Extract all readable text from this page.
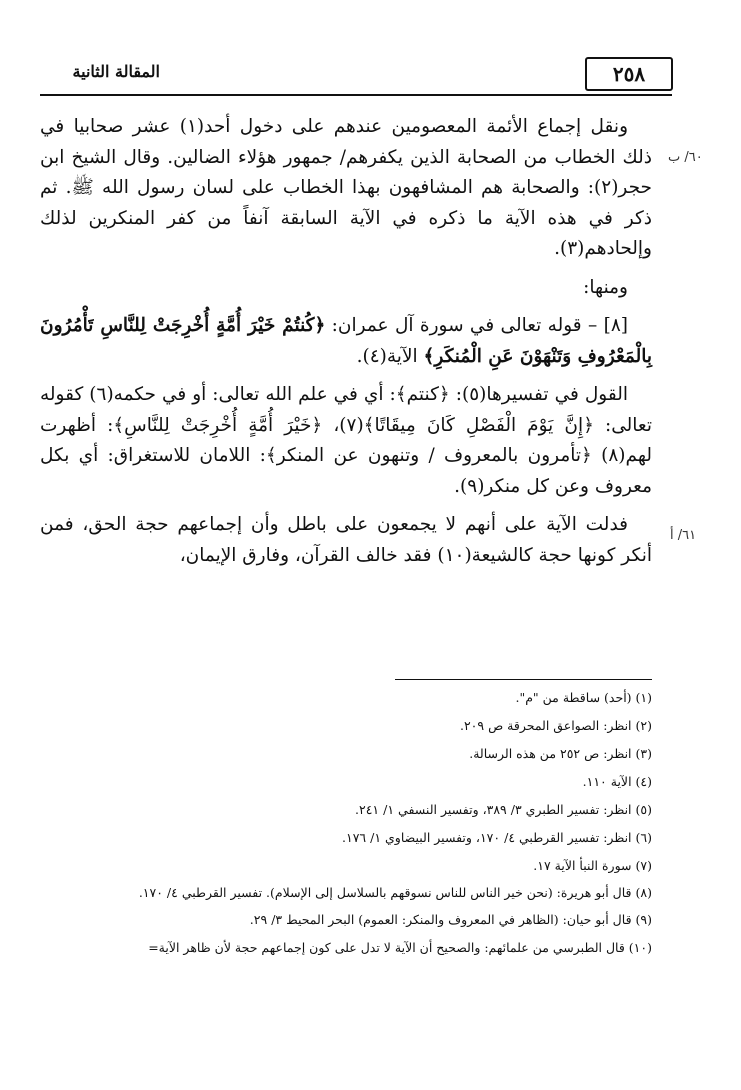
٢٥٨
المقالة الثانية
٦٠/ ب
٦١/ أ

ونقل إجماع الأئمة المعصومين عندهم على دخول أحد(١) عشر صحابيا في ذلك الخطاب من الصحابة الذين يكفرهم/ جمهور هؤلاء الضالين. وقال الشيخ ابن حجر(٢): والصحابة هم المشافهون بهذا الخطاب على لسان رسول الله ﷺ. ثم ذكر في هذه الآية ما ذكره في الآية السابقة آنفاً من كفر المنكرين لذلك وإلحادهم(٣).

ومنها:

[٨] – قوله تعالى في سورة آل عمران: ﴿كُنتُمْ خَيْرَ أُمَّةٍ أُخْرِجَتْ لِلنَّاسِ تَأْمُرُونَ بِالْمَعْرُوفِ وَتَنْهَوْنَ عَنِ الْمُنكَرِ﴾ الآية(٤).

القول في تفسيرها(٥): ﴿كنتم﴾: أي في علم الله تعالى: أو في حكمه(٦) كقوله تعالى: ﴿إِنَّ يَوْمَ الْفَصْلِ كَانَ مِيقَاتًا﴾(٧)، ﴿خَيْرَ أُمَّةٍ أُخْرِجَتْ لِلنَّاسِ﴾: أظهرت لهم(٨) ﴿تأمرون بالمعروف / وتنهون عن المنكر﴾: اللامان للاستغراق: أي بكل معروف وعن كل منكر(٩).

فدلت الآية على أنهم لا يجمعون على باطل وأن إجماعهم حجة الحق، فمن أنكر كونها حجة كالشيعة(١٠) فقد خالف القرآن، وفارق الإيمان،

(١) (أحد) ساقطة من "م".
(٢) انظر: الصواعق المحرقة ص ٢٠٩.
(٣) انظر: ص ٢٥٢ من هذه الرسالة.
(٤) الآية ١١٠.
(٥) انظر: تفسير الطبري ٣/ ٣٨٩، وتفسير النسفي ١/ ٢٤١.
(٦) انظر: تفسير القرطبي ٤/ ١٧٠، وتفسير البيضاوي ١/ ١٧٦.
(٧) سورة النبأ الآية ١٧.
(٨) قال أبو هريرة: (نحن خير الناس للناس نسوقهم بالسلاسل إلى الإسلام). تفسير القرطبي ٤/ ١٧٠.
(٩) قال أبو حيان: (الظاهر في المعروف والمنكر: العموم) البحر المحيط ٣/ ٢٩.
(١٠) قال الطبرسي من علمائهم: والصحيح أن الآية لا تدل على كون إجماعهم حجة لأن ظاهر الآية=
